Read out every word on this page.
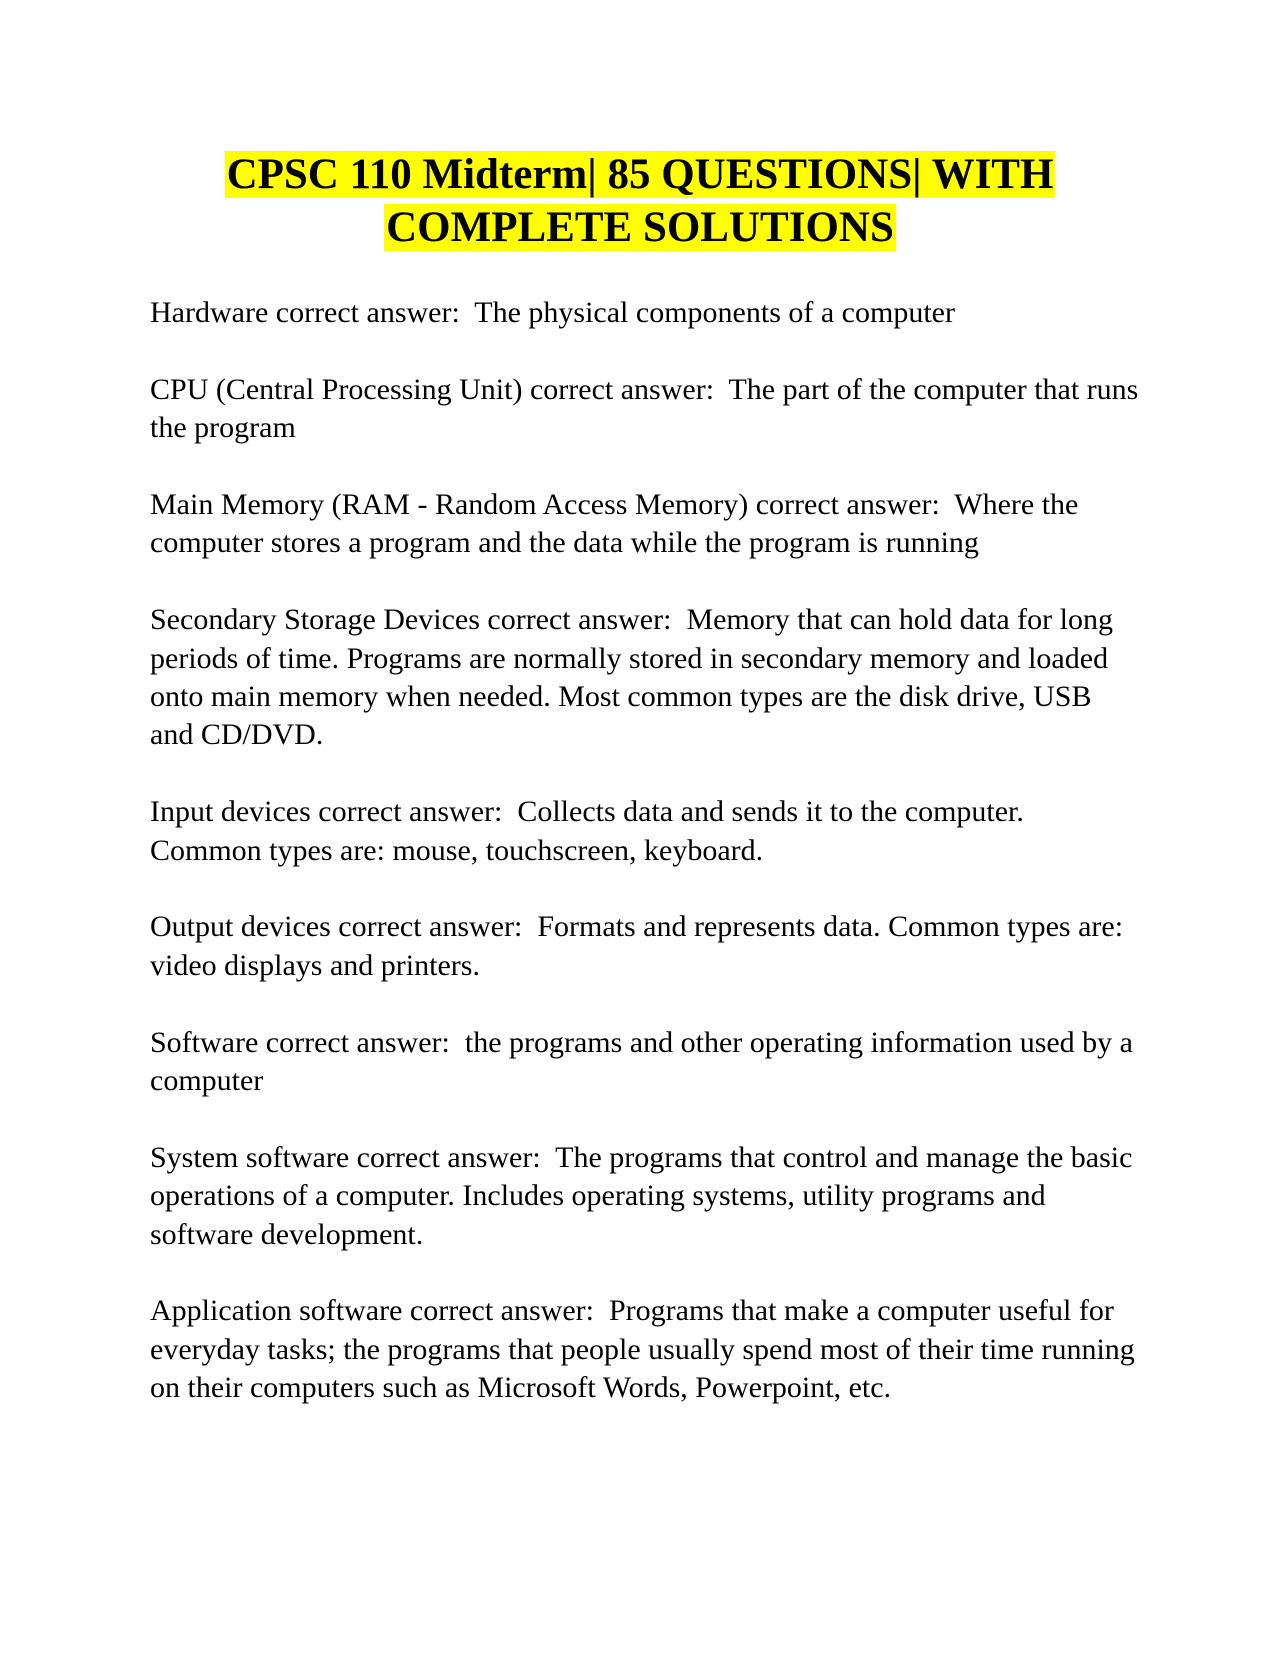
CPSC 110 Midterm| 85 QUESTIONS| WITH
COMPLETE SOLUTIONS

Hardware correct answer:  The physical components of a computer

CPU (Central Processing Unit) correct answer:  The part of the computer that runs the program

Main Memory (RAM - Random Access Memory) correct answer:  Where the computer stores a program and the data while the program is running

Secondary Storage Devices correct answer:  Memory that can hold data for long periods of time. Programs are normally stored in secondary memory and loaded onto main memory when needed. Most common types are the disk drive, USB and CD/DVD.

Input devices correct answer:  Collects data and sends it to the computer. Common types are: mouse, touchscreen, keyboard.

Output devices correct answer:  Formats and represents data. Common types are: video displays and printers.

Software correct answer:  the programs and other operating information used by a computer

System software correct answer:  The programs that control and manage the basic operations of a computer. Includes operating systems, utility programs and software development.

Application software correct answer:  Programs that make a computer useful for everyday tasks; the programs that people usually spend most of their time running on their computers such as Microsoft Words, Powerpoint, etc.
